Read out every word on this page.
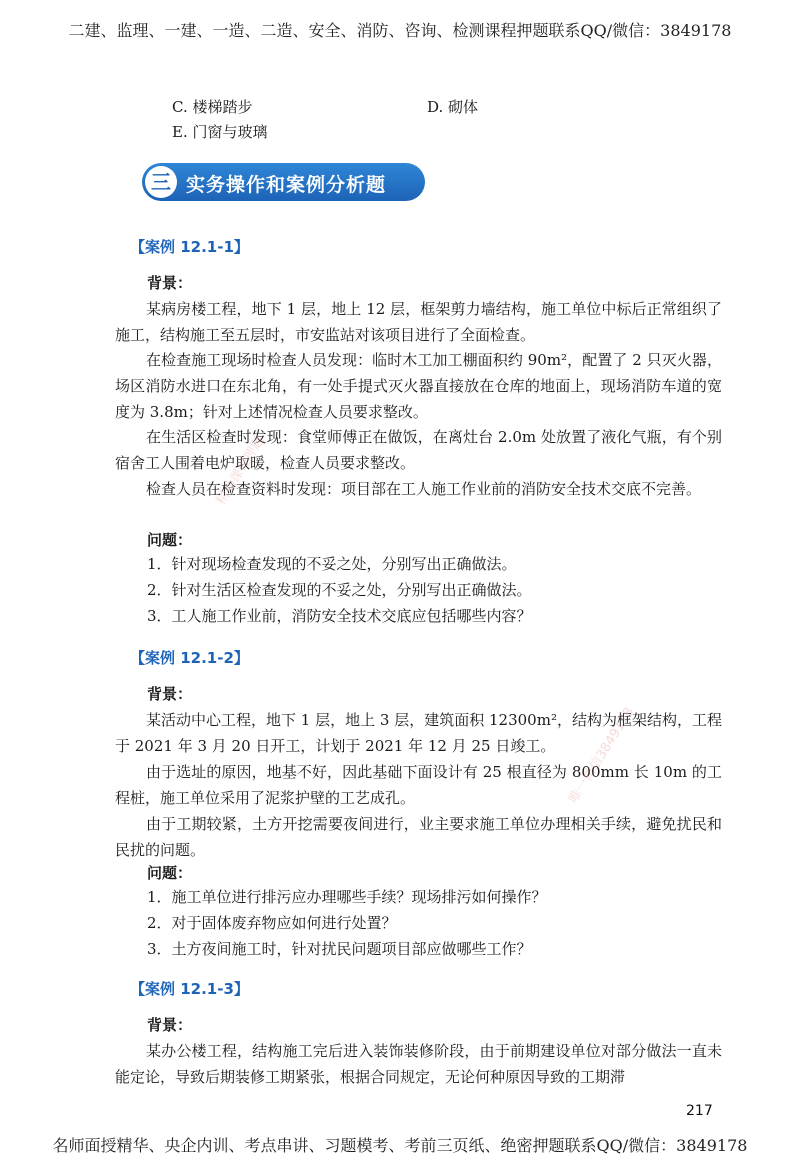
二建、监理、一建、一造、二造、安全、消防、咨询、检测课程押题联系QQ/微信：3849178
C. 楼梯踏步	D. 砌体
E. 门窗与玻璃
三 实务操作和案例分析题
【案例 12.1-1】
背景：
某病房楼工程，地下 1 层，地上 12 层，框架剪力墙结构，施工单位中标后正常组织了施工，结构施工至五层时，市安监站对该项目进行了全面检查。
在检查施工现场时检查人员发现：临时木工加工棚面积约 90m²，配置了 2 只灭火器，场区消防水进口在东北角，有一处手提式灭火器直接放在仓库的地面上，现场消防车道的宽度为 3.8m；针对上述情况检查人员要求整改。
在生活区检查时发现：食堂师傅正在做饭，在离灶台 2.0m 处放置了液化气瓶，有个别宿舍工人围着电炉取暖，检查人员要求整改。
检查人员在检查资料时发现：项目部在工人施工作业前的消防安全技术交底不完善。
问题：
1．针对现场检查发现的不妥之处，分别写出正确做法。
2．针对生活区检查发现的不妥之处，分别写出正确做法。
3．工人施工作业前，消防安全技术交底应包括哪些内容？
【案例 12.1-2】
背景：
某活动中心工程，地下 1 层，地上 3 层，建筑面积 12300m²，结构为框架结构，工程于 2021 年 3 月 20 日开工，计划于 2021 年 12 月 25 日竣工。
由于选址的原因，地基不好，因此基础下面设计有 25 根直径为 800mm 长 10m 的工程桩，施工单位采用了泥浆护壁的工艺成孔。
由于工期较紧，土方开挖需要夜间进行，业主要求施工单位办理相关手续，避免扰民和民扰的问题。
问题：
1．施工单位进行排污应办理哪些手续？现场排污如何操作？
2．对于固体废弃物应如何进行处置？
3．土方夜间施工时，针对扰民问题项目部应做哪些工作？
【案例 12.1-3】
背景：
某办公楼工程，结构施工完后进入装饰装修阶段，由于前期建设单位对部分做法一直未能定论，导致后期装修工期紧张，根据合同规定，无论何种原因导致的工期滞
精品课程押题
唯一微信3849178
217
名师面授精华、央企内训、考点串讲、习题模考、考前三页纸、绝密押题联系QQ/微信：3849178
